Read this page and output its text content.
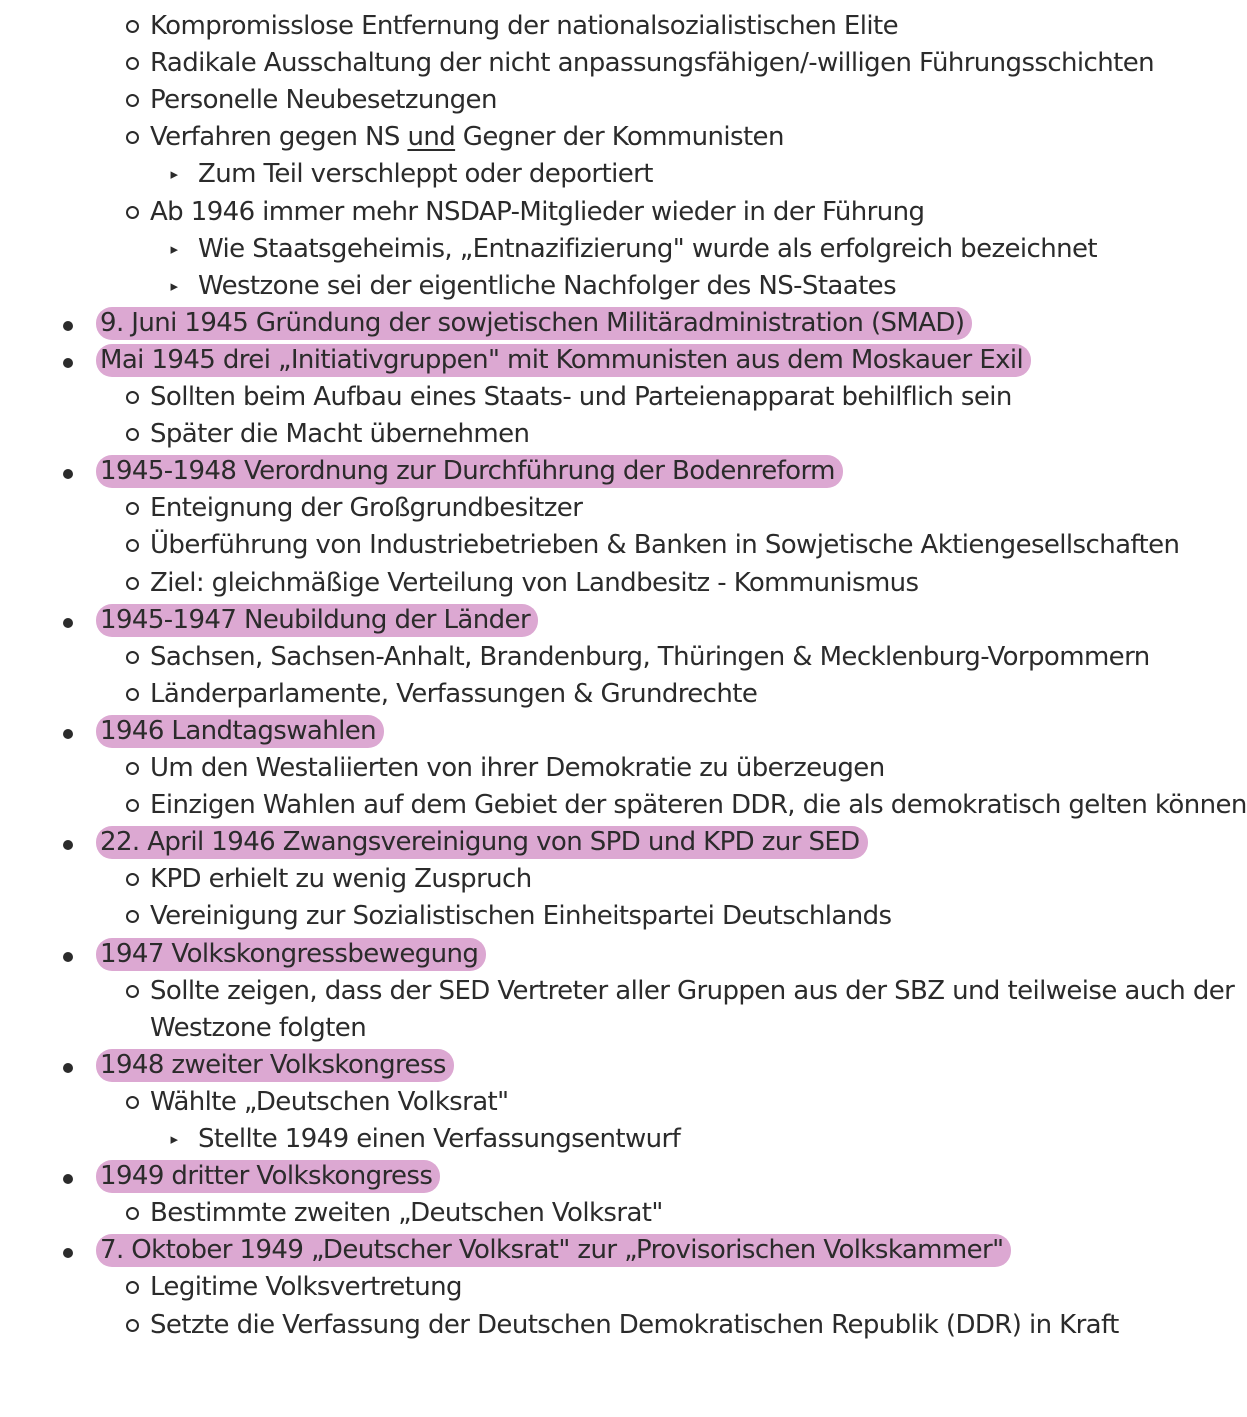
Kompromisslose Entfernung der nationalsozialistischen Elite
Radikale Ausschaltung der nicht anpassungsfähigen/-willigen Führungsschichten
Personelle Neubesetzungen
Verfahren gegen NS und Gegner der Kommunisten
▸ Zum Teil verschleppt oder deportiert
Ab 1946 immer mehr NSDAP-Mitglieder wieder in der Führung
▸ Wie Staatsgeheimis, „Entnazifizierung" wurde als erfolgreich bezeichnet
▸ Westzone sei der eigentliche Nachfolger des NS-Staates
9. Juni 1945 Gründung der sowjetischen Militäradministration (SMAD)
Mai 1945 drei „Initiativgruppen" mit Kommunisten aus dem Moskauer Exil
Sollten beim Aufbau eines Staats- und Parteienapparat behilflich sein
Später die Macht übernehmen
1945-1948 Verordnung zur Durchführung der Bodenreform
Enteignung der Großgrundbesitzer
Überführung von Industriebetrieben & Banken in Sowjetische Aktiengesellschaften
Ziel: gleichmäßige Verteilung von Landbesitz - Kommunismus
1945-1947 Neubildung der Länder
Sachsen, Sachsen-Anhalt, Brandenburg, Thüringen & Mecklenburg-Vorpommern
Länderparlamente, Verfassungen & Grundrechte
1946 Landtagswahlen
Um den Westaliierten von ihrer Demokratie zu überzeugen
Einzigen Wahlen auf dem Gebiet der späteren DDR, die als demokratisch gelten können
22. April 1946 Zwangsvereinigung von SPD und KPD zur SED
KPD erhielt zu wenig Zuspruch
Vereinigung zur Sozialistischen Einheitspartei Deutschlands
1947 Volkskongressbewegung
Sollte zeigen, dass der SED Vertreter aller Gruppen aus der SBZ und teilweise auch der
Westzone folgten
1948 zweiter Volkskongress
Wählte „Deutschen Volksrat"
▸ Stellte 1949 einen Verfassungsentwurf
1949 dritter Volkskongress
Bestimmte zweiten „Deutschen Volksrat"
7. Oktober 1949 „Deutscher Volksrat" zur „Provisorischen Volkskammer"
Legitime Volksvertretung
Setzte die Verfassung der Deutschen Demokratischen Republik (DDR) in Kraft
